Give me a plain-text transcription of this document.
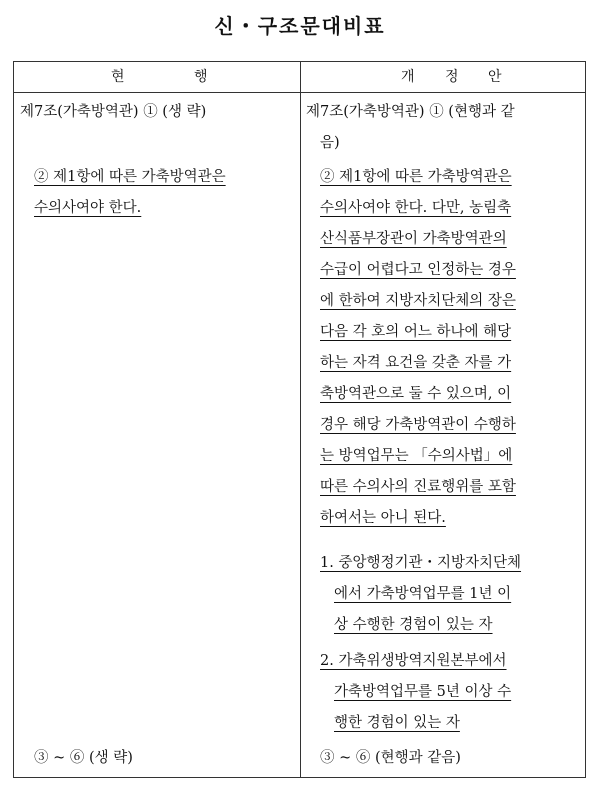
신・구조문대비표
현	행	개 정 안
제7조(가축방역관) ① (생 략)
② 제1항에 따른 가축방역관은
수의사여야 한다.
③ ~ ⑥ (생 략)
제7조(가축방역관) ① (현행과 같
음)
② 제1항에 따른 가축방역관은
수의사여야 한다. 다만, 농림축
산식품부장관이 가축방역관의
수급이 어렵다고 인정하는 경우
에 한하여 지방자치단체의 장은
다음 각 호의 어느 하나에 해당
하는 자격 요건을 갖춘 자를 가
축방역관으로 둘 수 있으며, 이
경우 해당 가축방역관이 수행하
는 방역업무는 「수의사법」에
따른 수의사의 진료행위를 포함
하여서는 아니 된다.
1. 중앙행정기관・지방자치단체
에서 가축방역업무를 1년 이
상 수행한 경험이 있는 자
2. 가축위생방역지원본부에서
가축방역업무를 5년 이상 수
행한 경험이 있는 자
③ ~ ⑥ (현행과 같음)
